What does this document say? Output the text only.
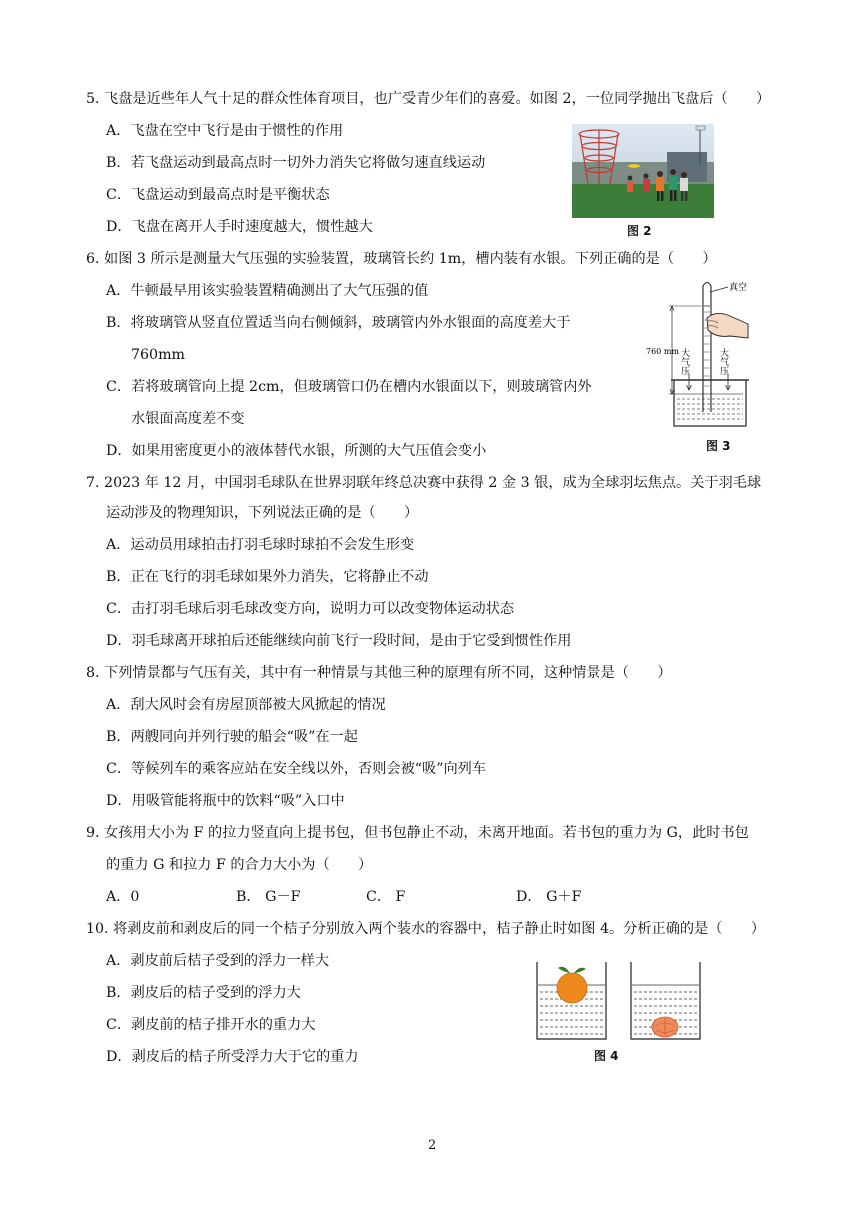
5. 飞盘是近些年人气十足的群众性体育项目，也广受青少年们的喜爱。如图 2，一位同学抛出飞盘后（　　）
A．飞盘在空中飞行是由于惯性的作用
B．若飞盘运动到最高点时一切外力消失它将做匀速直线运动
C．飞盘运动到最高点时是平衡状态
D．飞盘在离开人手时速度越大，惯性越大	图 2
6. 如图 3 所示是测量大气压强的实验装置，玻璃管长约 1m，槽内装有水银。下列正确的是（　　）
A．牛顿最早用该实验装置精确测出了大气压强的值
B．将玻璃管从竖直位置适当向右侧倾斜，玻璃管内外水银面的高度差大于
760mm
C．若将玻璃管向上提 2cm，但玻璃管口仍在槽内水银面以下，则玻璃管内外
水银面高度差不变
D．如果用密度更小的液体替代水银，所测的大气压值会变小
真空
760 mm 大气压	大气压
图 3
7. 2023 年 12 月，中国羽毛球队在世界羽联年终总决赛中获得 2 金 3 银，成为全球羽坛焦点。关于羽毛球
运动涉及的物理知识，下列说法正确的是（　　）
A．运动员用球拍击打羽毛球时球拍不会发生形变
B．正在飞行的羽毛球如果外力消失，它将静止不动
C．击打羽毛球后羽毛球改变方向，说明力可以改变物体运动状态
D．羽毛球离开球拍后还能继续向前飞行一段时间，是由于它受到惯性作用
8. 下列情景都与气压有关，其中有一种情景与其他三种的原理有所不同，这种情景是（　　）
A．刮大风时会有房屋顶部被大风掀起的情况
B．两艘同向并列行驶的船会“吸”在一起
C．等候列车的乘客应站在安全线以外，否则会被“吸”向列车
D．用吸管能将瓶中的饮料“吸”入口中
9. 女孩用大小为 F 的拉力竖直向上提书包，但书包静止不动，未离开地面。若书包的重力为 G，此时书包
的重力 G 和拉力 F 的合力大小为（　　）
A．0	B． G－F	C． F	D． G＋F
10. 将剥皮前和剥皮后的同一个桔子分别放入两个装水的容器中，桔子静止时如图 4。分析正确的是（　　）
A．剥皮前后桔子受到的浮力一样大
B．剥皮后的桔子受到的浮力大
C．剥皮前的桔子排开水的重力大
D．剥皮后的桔子所受浮力大于它的重力	图 4
2
